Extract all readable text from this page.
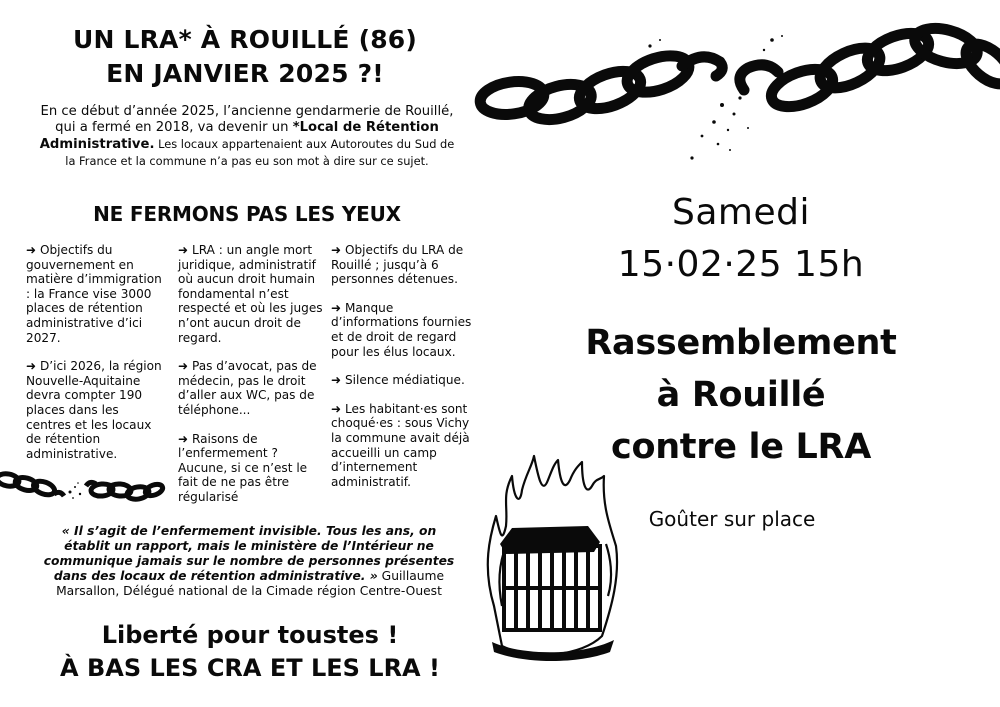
UN LRA* À ROUILLÉ (86)
EN JANVIER 2025 ?!
En ce début d’année 2025, l’ancienne gendarmerie de Rouillé, qui a fermé en 2018, va devenir un *Local de Rétention Administrative. Les locaux appartenaient aux Autoroutes du Sud de la France et la commune n’a pas eu son mot à dire sur ce sujet.
NE FERMONS PAS LES YEUX

➜ Objectifs du gouvernement en matière d’immigration : la France vise 3000 places de rétention administrative d’ici 2027.

➜ D’ici 2026, la région Nouvelle-Aquitaine devra compter 190 places dans les centres et les locaux de rétention administrative.

➜ LRA : un angle mort juridique, administratif où aucun droit humain fondamental n’est respecté et où les juges n’ont aucun droit de regard.

➜ Pas d’avocat, pas de médecin, pas le droit d’aller aux WC, pas de téléphone...

➜ Raisons de l’enfermement ? Aucune, si ce n’est le fait de ne pas être régularisé

➜ Objectifs du LRA de Rouillé ; jusqu’à 6 personnes détenues.

➜ Manque d’informations fournies et de droit de regard pour les élus locaux.

➜ Silence médiatique.

➜ Les habitant·es sont choqué·es : sous Vichy la commune avait déjà accueilli un camp d’internement administratif.

« Il s’agit de l’enfermement invisible. Tous les ans, on établit un rapport, mais le ministère de l’Intérieur ne communique jamais sur le nombre de personnes présentes dans des locaux de rétention administrative. » Guillaume Marsallon, Délégué national de la Cimade région Centre-Ouest
Liberté pour toustes !
À BAS LES CRA ET LES LRA !
Samedi
15·02·25 15h
Rassemblement
à Rouillé
contre le LRA
Goûter sur place
